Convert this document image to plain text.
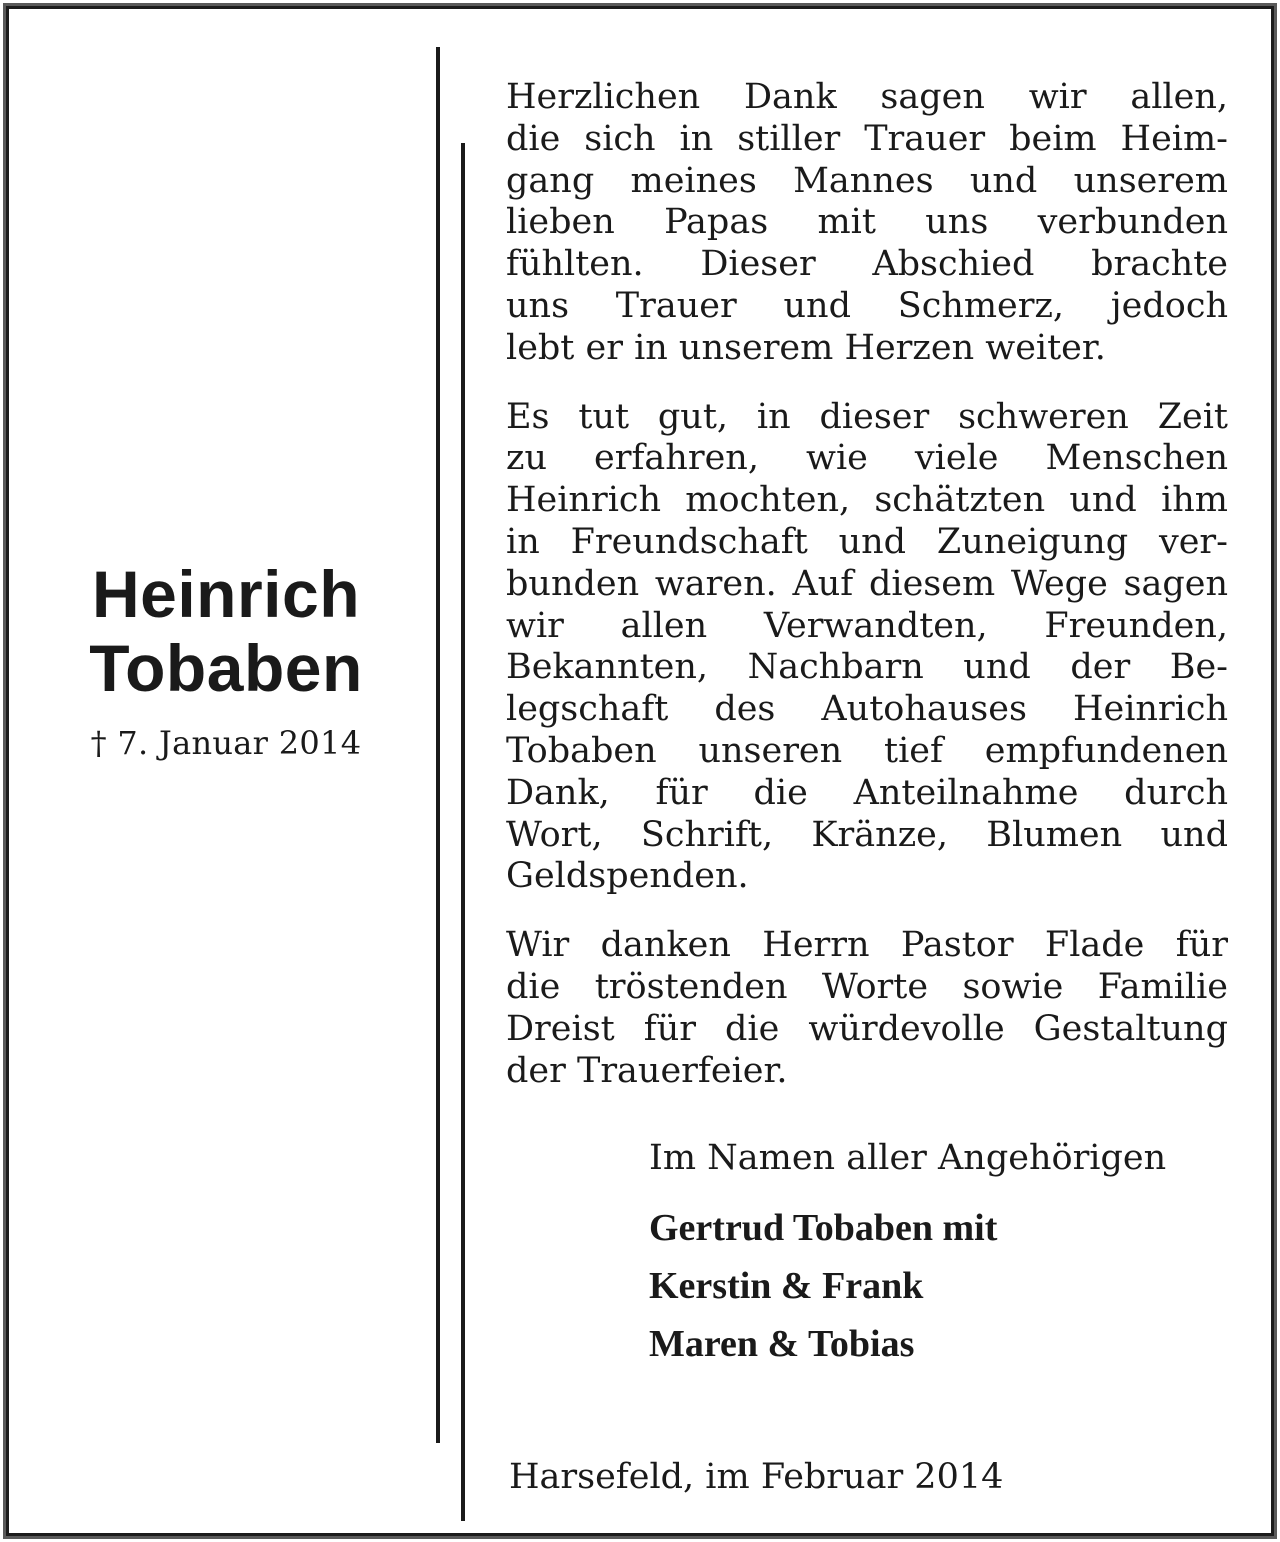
Heinrich
Tobaben
† 7. Januar 2014

Herzlichen Dank sagen wir allen,
die sich in stiller Trauer beim Heim-
gang meines Mannes und unserem
lieben Papas mit uns verbunden
fühlten. Dieser Abschied brachte
uns Trauer und Schmerz, jedoch
lebt er in unserem Herzen weiter.

Es tut gut, in dieser schweren Zeit
zu erfahren, wie viele Menschen
Heinrich mochten, schätzten und ihm
in Freundschaft und Zuneigung ver-
bunden waren. Auf diesem Wege sagen
wir allen Verwandten, Freunden,
Bekannten, Nachbarn und der Be-
legschaft des Autohauses Heinrich
Tobaben unseren tief empfundenen
Dank, für die Anteilnahme durch
Wort, Schrift, Kränze, Blumen und
Geldspenden.

Wir danken Herrn Pastor Flade für
die tröstenden Worte sowie Familie
Dreist für die würdevolle Gestaltung
der Trauerfeier.

Im Namen aller Angehörigen
Gertrud Tobaben mit
Kerstin & Frank
Maren & Tobias
Harsefeld, im Februar 2014
